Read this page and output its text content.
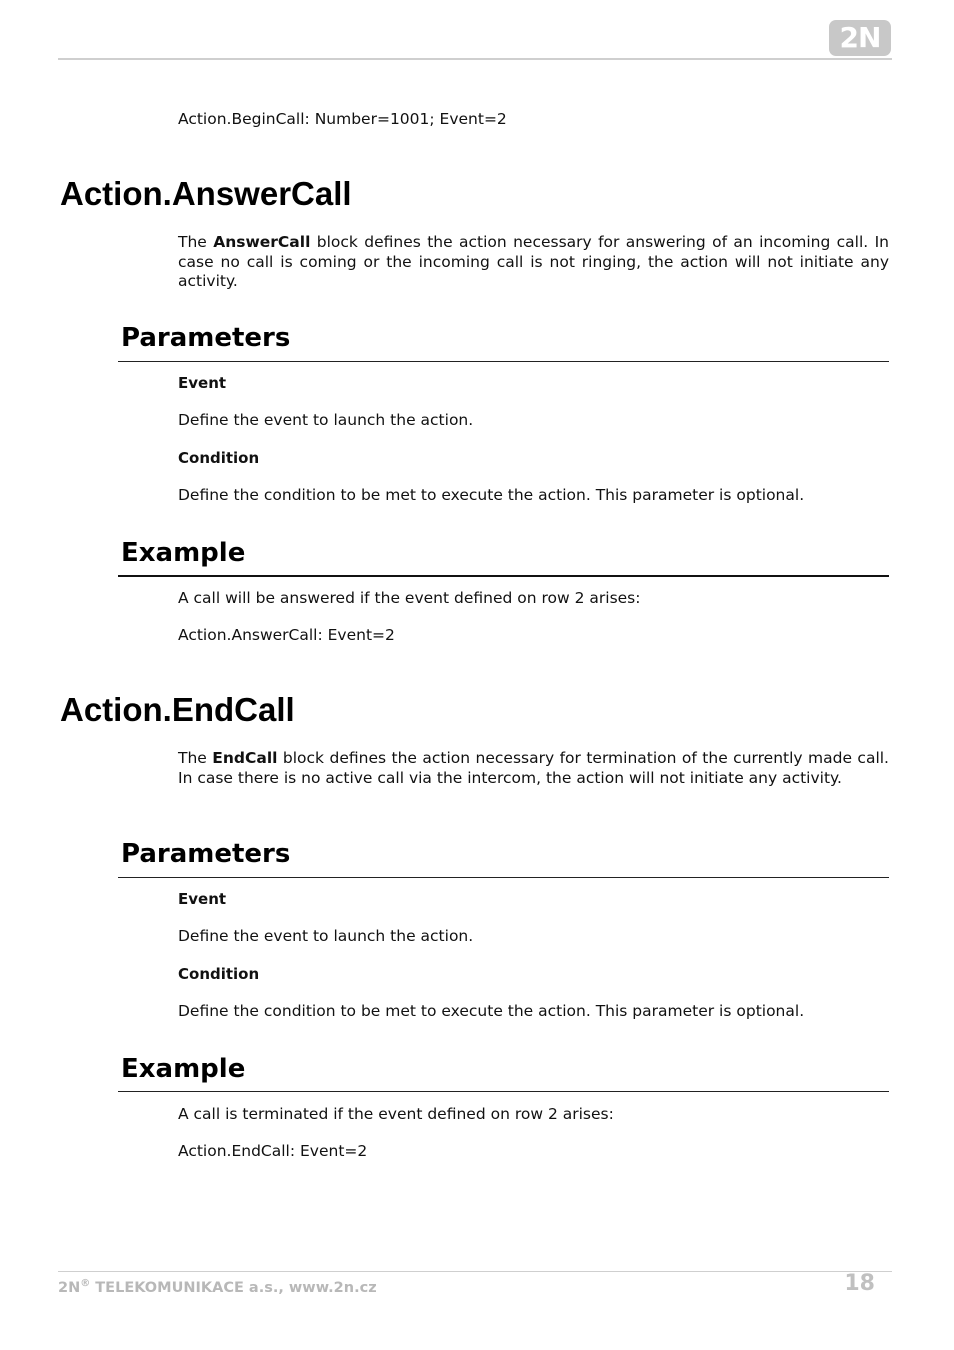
2N

Action.BeginCall: Number=1001; Event=2

Action.AnswerCall

The AnswerCall block defines the action necessary for answering of an incoming call. In case no call is coming or the incoming call is not ringing, the action will not initiate any activity.

Parameters

Event

Define the event to launch the action.

Condition

Define the condition to be met to execute the action. This parameter is optional.

Example

A call will be answered if the event defined on row 2 arises:

Action.AnswerCall: Event=2

Action.EndCall

The EndCall block defines the action necessary for termination of the currently made call. In case there is no active call via the intercom, the action will not initiate any activity.

Parameters

Event

Define the event to launch the action.

Condition

Define the condition to be met to execute the action. This parameter is optional.

Example

A call is terminated if the event defined on row 2 arises:

Action.EndCall: Event=2

2N® TELEKOMUNIKACE a.s., www.2n.cz	18
